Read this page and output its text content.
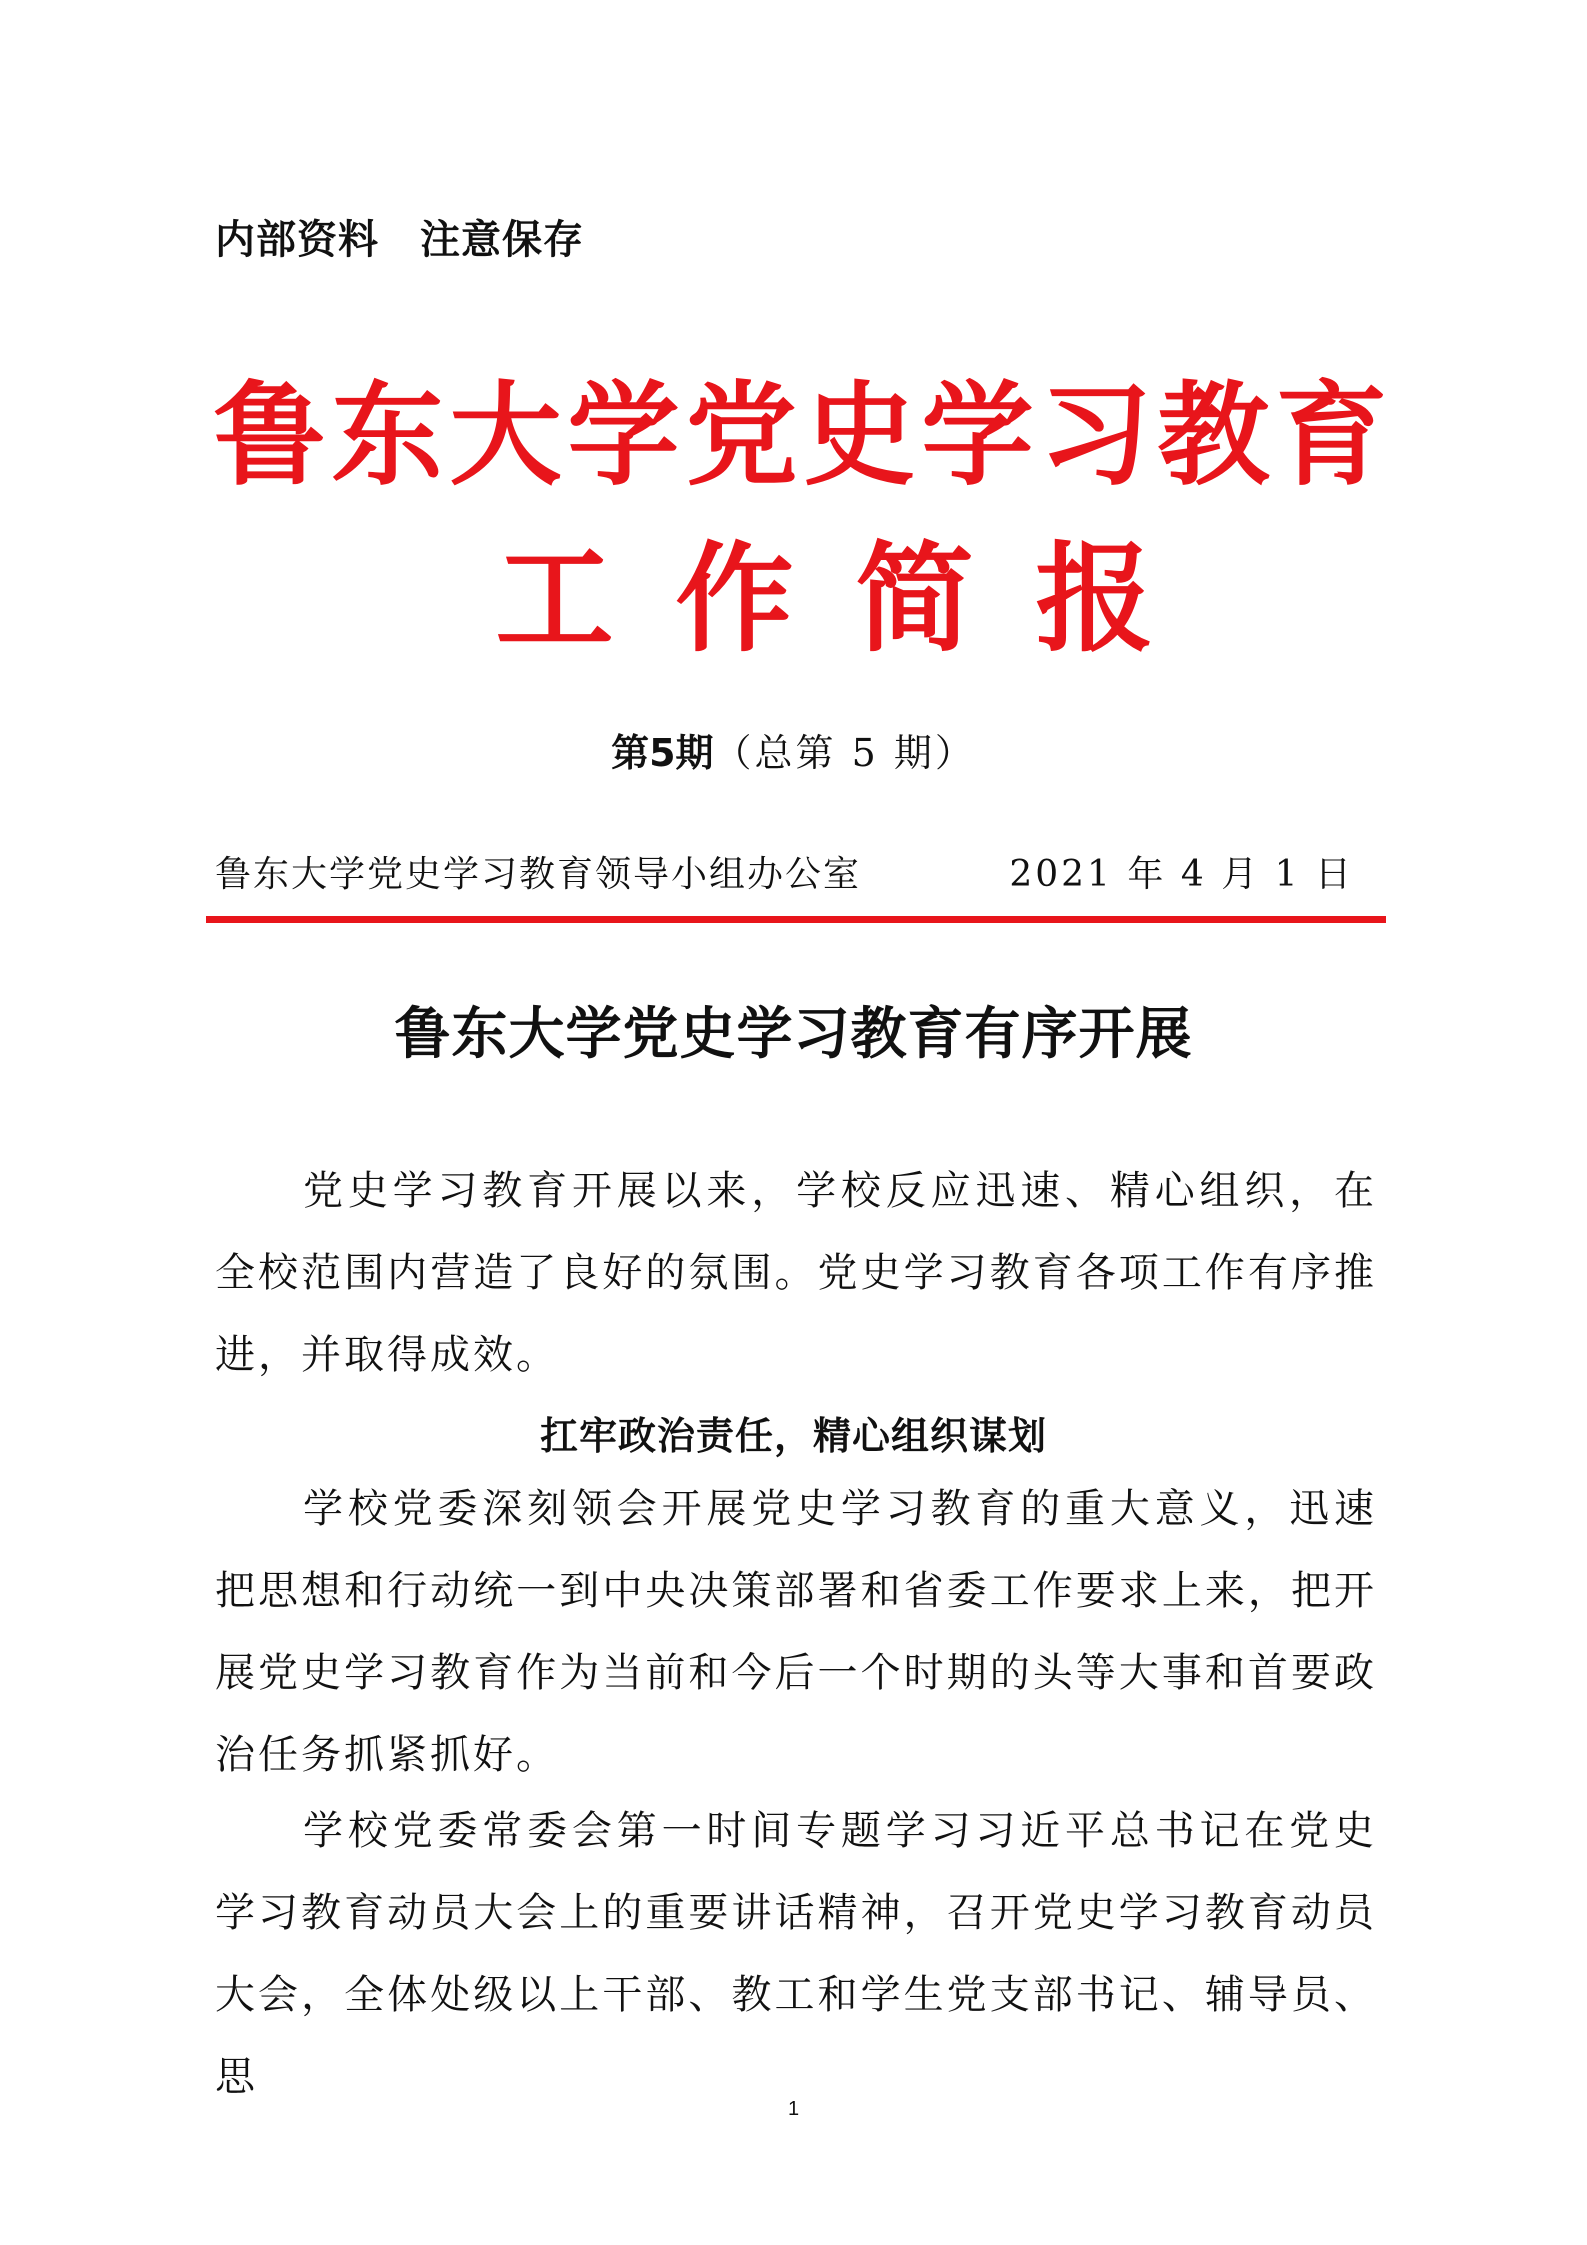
内部资料　注意保存
鲁东大学党史学习教育
工作简报
第5期（总第 5 期）
鲁东大学党史学习教育领导小组办公室	2021 年 4 月 1 日
鲁东大学党史学习教育有序开展

党史学习教育开展以来，学校反应迅速、精心组织，在全校范围内营造了良好的氛围。党史学习教育各项工作有序推进，并取得成效。

扛牢政治责任，精心组织谋划

学校党委深刻领会开展党史学习教育的重大意义，迅速把思想和行动统一到中央决策部署和省委工作要求上来，把开展党史学习教育作为当前和今后一个时期的头等大事和首要政治任务抓紧抓好。

学校党委常委会第一时间专题学习习近平总书记在党史学习教育动员大会上的重要讲话精神，召开党史学习教育动员大会，全体处级以上干部、教工和学生党支部书记、辅导员、思

1
